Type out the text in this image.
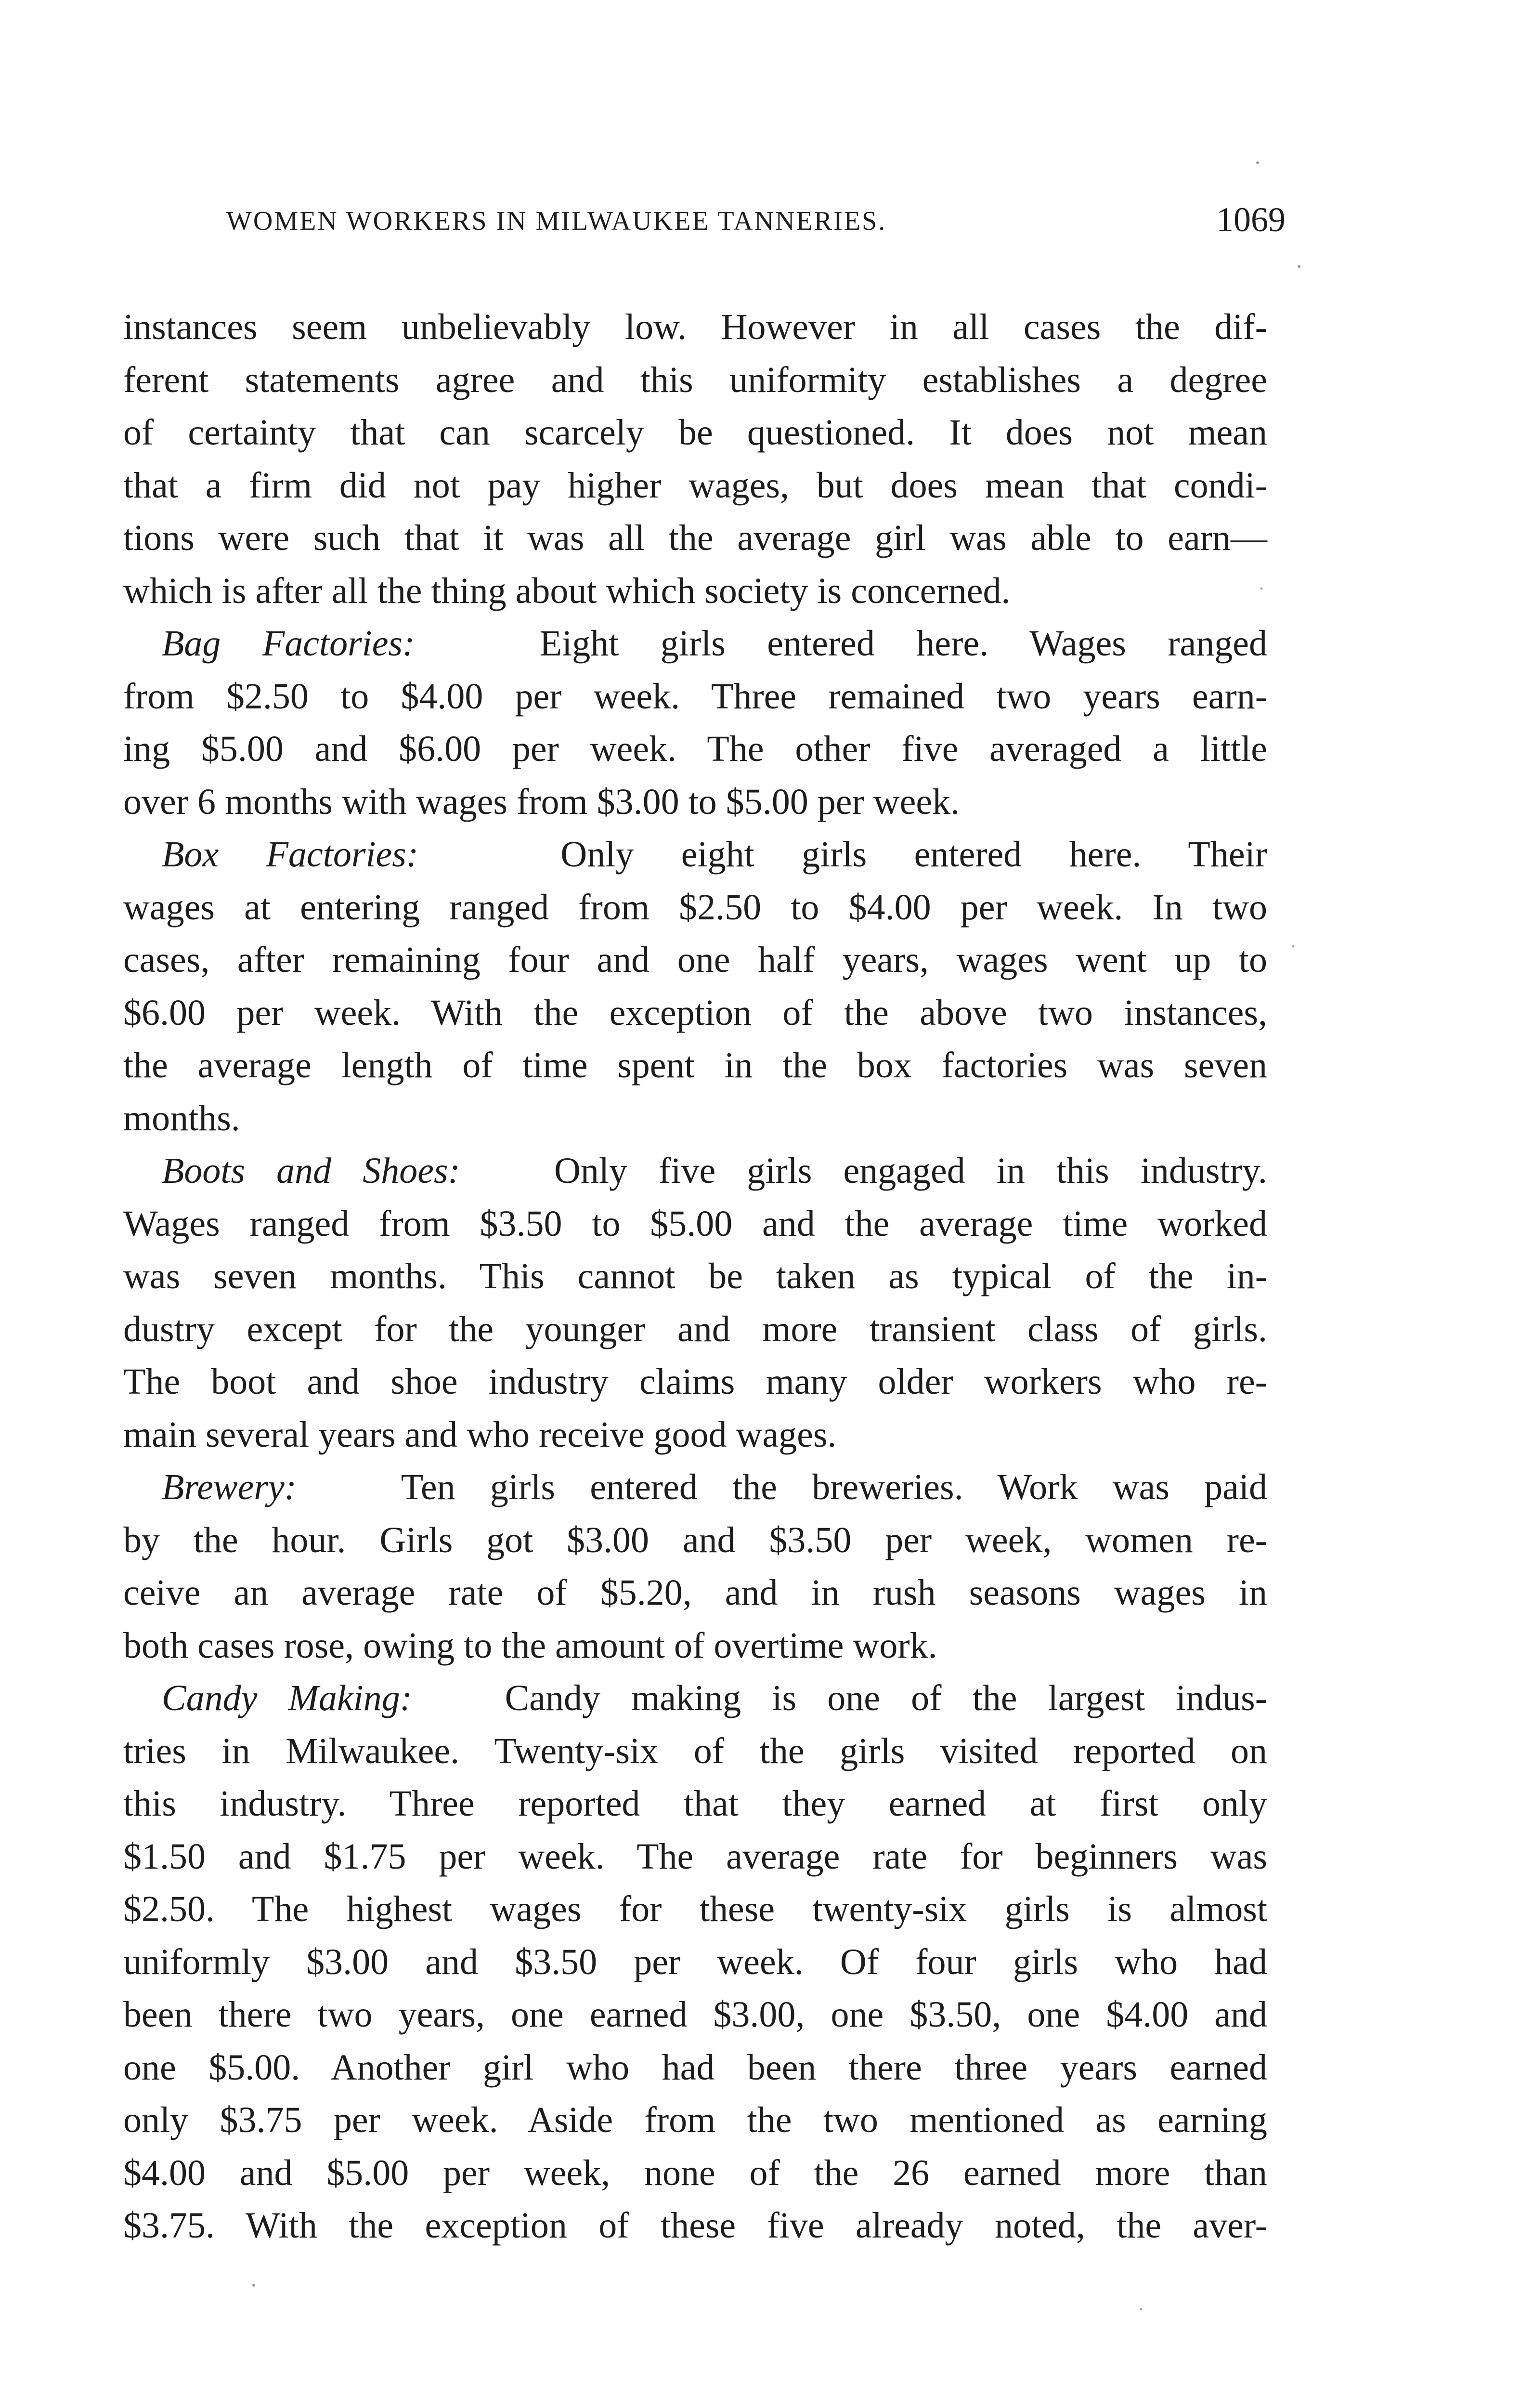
WOMEN WORKERS IN MILWAUKEE TANNERIES.	1069
instances seem unbelievably low. However in all cases the dif-
ferent statements agree and this uniformity establishes a degree
of certainty that can scarcely be questioned. It does not mean
that a firm did not pay higher wages, but does mean that condi-
tions were such that it was all the average girl was able to earn—
which is after all the thing about which society is concerned.
Bag Factories:	Eight girls entered here. Wages ranged
from $2.50 to $4.00 per week. Three remained two years earn-
ing $5.00 and $6.00 per week. The other five averaged a little
over 6 months with wages from $3.00 to $5.00 per week.
Box Factories:	Only eight girls entered here. Their
wages at entering ranged from $2.50 to $4.00 per week. In two
cases, after remaining four and one half years, wages went up to
$6.00 per week. With the exception of the above two instances,
the average length of time spent in the box factories was seven
months.
Boots and Shoes:	Only five girls engaged in this industry.
Wages ranged from $3.50 to $5.00 and the average time worked
was seven months. This cannot be taken as typical of the in-
dustry except for the younger and more transient class of girls.
The boot and shoe industry claims many older workers who re-
main several years and who receive good wages.
Brewery:	Ten girls entered the breweries. Work was paid
by the hour. Girls got $3.00 and $3.50 per week, women re-
ceive an average rate of $5.20, and in rush seasons wages in
both cases rose, owing to the amount of overtime work.
Candy Making:	Candy making is one of the largest indus-
tries in Milwaukee. Twenty-six of the girls visited reported on
this industry. Three reported that they earned at first only
$1.50 and $1.75 per week. The average rate for beginners was
$2.50. The highest wages for these twenty-six girls is almost
uniformly $3.00 and $3.50 per week. Of four girls who had
been there two years, one earned $3.00, one $3.50, one $4.00 and
one $5.00. Another girl who had been there three years earned
only $3.75 per week. Aside from the two mentioned as earning
$4.00 and $5.00 per week, none of the 26 earned more than
$3.75. With the exception of these five already noted, the aver-
